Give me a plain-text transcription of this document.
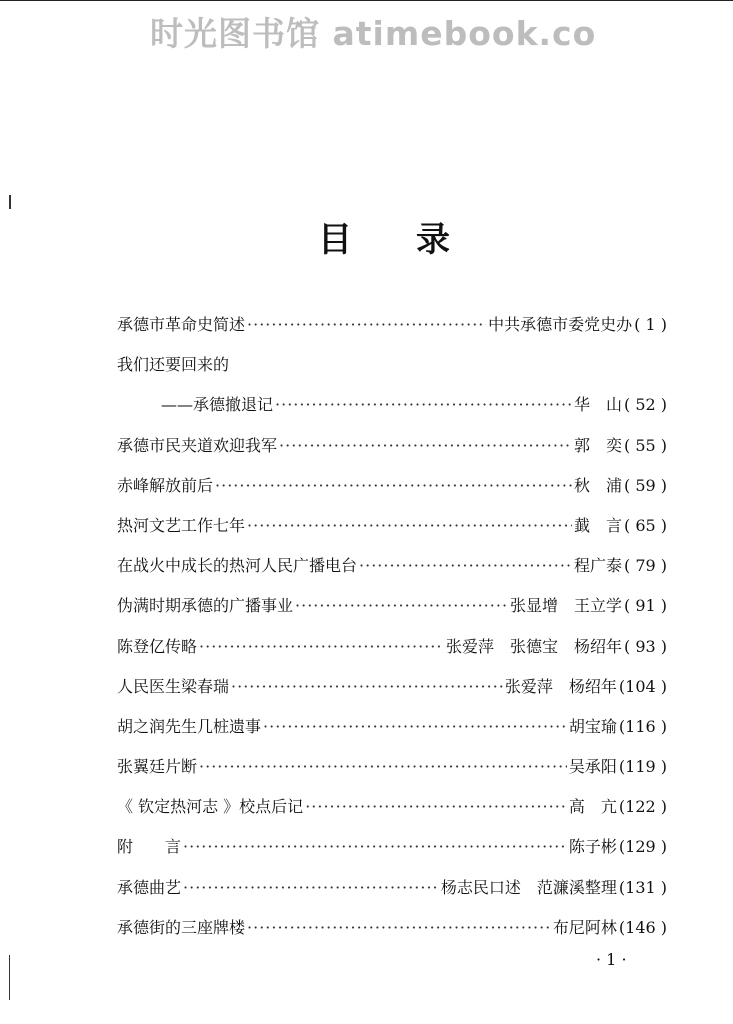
时光图书馆 atimebook.co
目录
承德市革命史简述 ·····	中共承德市委党史办 ( 1 )
我们还要回来的
——承德撤退记 ·····	华　山 ( 52 )
承德市民夹道欢迎我军 ·····	郭　奕 ( 55 )
赤峰解放前后 ·····	秋　浦 ( 59 )
热河文艺工作七年 ·····	韯　言 ( 65 )
在战火中成长的热河人民广播电台 ·····	程广泰 ( 79 )
伪满时期承德的广播事业 ·····	张显增　王立学 ( 91 )
陈登亿传略 ·····	张爱萍　张德宝　杨绍年 ( 93 )
人民医生梁春瑞 ·····	张爱萍　杨绍年 (104 )
胡之润先生几桩遗事 ·····	胡宝瑜 (116 )
张翼廷片断 ·····	吴承阳 (119 )
《 钦定热河志 》校点后记 ·····	高　亢 (122 )
附　　言 ·····	陈子彬 (129 )
承德曲艺 ·····	杨志民口述　范濂溪整理 (131 )
承德街的三座牌楼 ·····	布尼阿林 (146 )
· 1 ·
